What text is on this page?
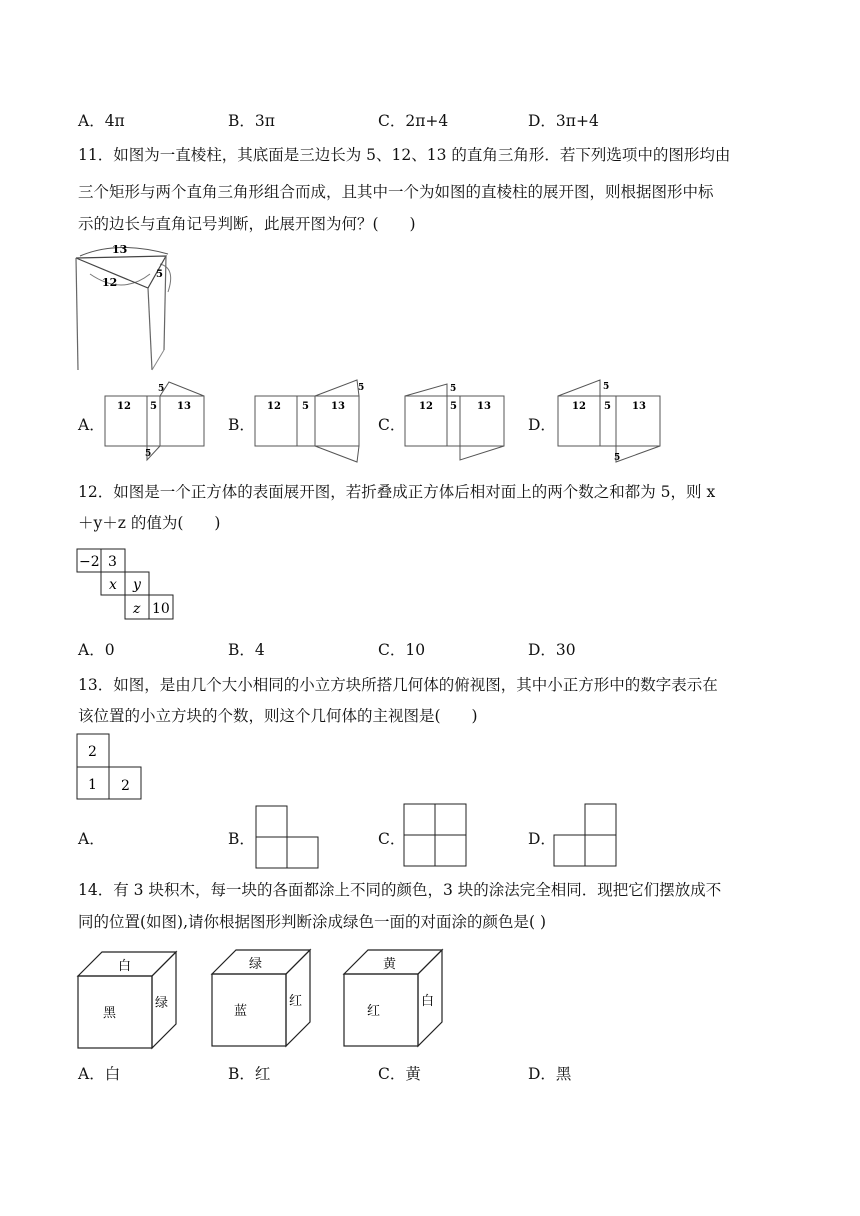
A．4π	B．3π	C．2π+4	D．3π+4
11．如图为一直棱柱，其底面是三边长为 5、12、13 的直角三角形．若下列选项中的图形均由
三个矩形与两个直角三角形组合而成，且其中一个为如图的直棱柱的展开图，则根据图形中标
示的边长与直角记号判断，此展开图为何？(　　)
13
12
5
A．	B．	C．	D．
12 5 13
5
5
12 5 13
5
12 5 13
5
12 5 13
5
5
12．如图是一个正方体的表面展开图，若折叠成正方体后相对面上的两个数之和都为 5，则 x
＋y＋z 的值为(　　)
−2 3
x y
z 10
A．0	B．4	C．10	D．30
13．如图，是由几个大小相同的小立方块所搭几何体的俯视图，其中小正方形中的数字表示在
该位置的小立方块的个数，则这个几何体的主视图是(　　)
2
1 2
A．	B．	C．	D．
14．有 3 块积木，每一块的各面都涂上不同的颜色，3 块的涂法完全相同．现把它们摆放成不
同的位置(如图),请你根据图形判断涂成绿色一面的对面涂的颜色是( )
白
黑
绿
绿
蓝
红
黄
红
白
A．白	B．红	C．黄	D．黑
